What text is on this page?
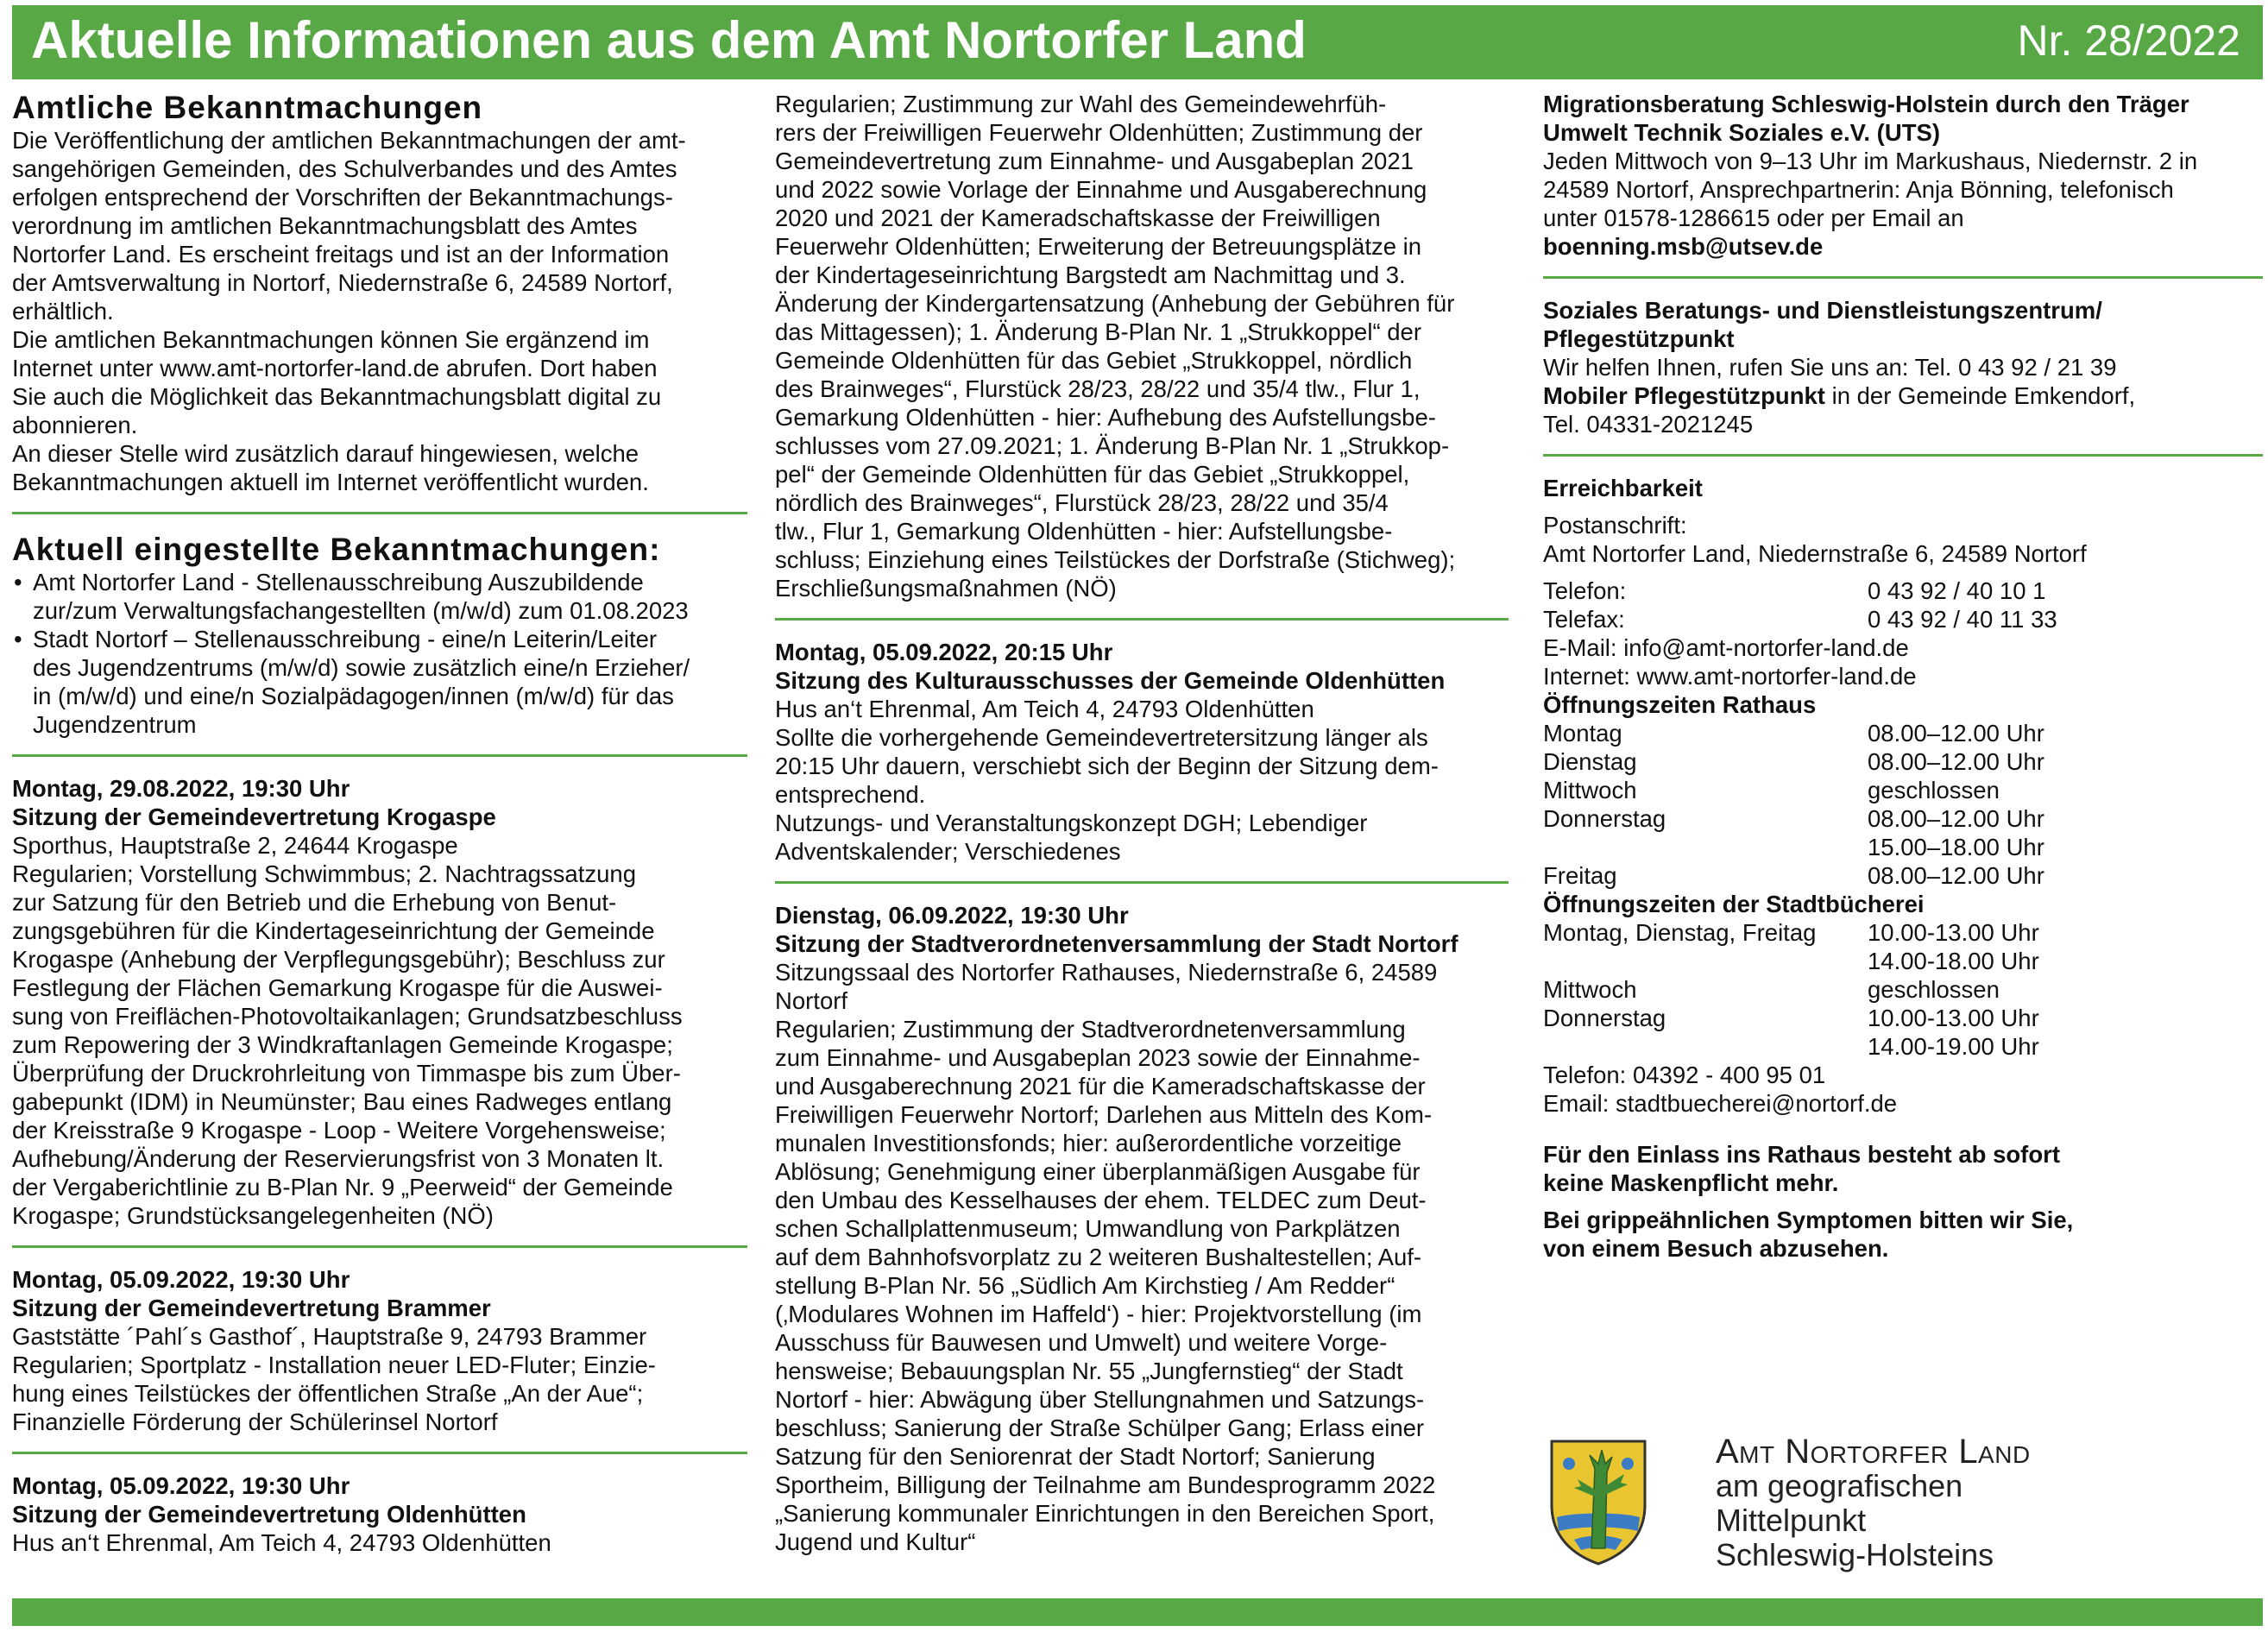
Aktuelle Informationen aus dem Amt Nortorfer Land	Nr. 28/2022
Amtliche Bekanntmachungen
Die Veröffentlichung der amtlichen Bekanntmachungen der amt-
sangehörigen Gemeinden, des Schulverbandes und des Amtes
erfolgen entsprechend der Vorschriften der Bekanntmachungs-
verordnung im amtlichen Bekanntmachungsblatt des Amtes
Nortorfer Land. Es erscheint freitags und ist an der Information
der Amtsverwaltung in Nortorf, Niedernstraße 6, 24589 Nortorf,
erhältlich.
Die amtlichen Bekanntmachungen können Sie ergänzend im
Internet unter www.amt-nortorfer-land.de abrufen. Dort haben
Sie auch die Möglichkeit das Bekanntmachungsblatt digital zu
abonnieren.
An dieser Stelle wird zusätzlich darauf hingewiesen, welche
Bekanntmachungen aktuell im Internet veröffentlicht wurden.
Aktuell eingestellte Bekanntmachungen:
• Amt Nortorfer Land - Stellenausschreibung Auszubildende
zur/zum Verwaltungsfachangestellten (m/w/d) zum 01.08.2023
• Stadt Nortorf – Stellenausschreibung - eine/n Leiterin/Leiter
des Jugendzentrums (m/w/d) sowie zusätzlich eine/n Erzieher/
in (m/w/d) und eine/n Sozialpädagogen/innen (m/w/d) für das
Jugendzentrum
Montag, 29.08.2022, 19:30 Uhr
Sitzung der Gemeindevertretung Krogaspe
Sporthus, Hauptstraße 2, 24644 Krogaspe
Regularien; Vorstellung Schwimmbus; 2. Nachtragssatzung
zur Satzung für den Betrieb und die Erhebung von Benut-
zungsgebühren für die Kindertageseinrichtung der Gemeinde
Krogaspe (Anhebung der Verpflegungsgebühr); Beschluss zur
Festlegung der Flächen Gemarkung Krogaspe für die Auswei-
sung von Freiflächen-Photovoltaikanlagen; Grundsatzbeschluss
zum Repowering der 3 Windkraftanlagen Gemeinde Krogaspe;
Überprüfung der Druckrohrleitung von Timmaspe bis zum Über-
gabepunkt (IDM) in Neumünster; Bau eines Radweges entlang
der Kreisstraße 9 Krogaspe - Loop - Weitere Vorgehensweise;
Aufhebung/Änderung der Reservierungsfrist von 3 Monaten lt.
der Vergaberichtlinie zu B-Plan Nr. 9 „Peerweid“ der Gemeinde
Krogaspe; Grundstücksangelegenheiten (NÖ)
Montag, 05.09.2022, 19:30 Uhr
Sitzung der Gemeindevertretung Brammer
Gaststätte ´Pahl´s Gasthof´, Hauptstraße 9, 24793 Brammer
Regularien; Sportplatz - Installation neuer LED-Fluter; Einzie-
hung eines Teilstückes der öffentlichen Straße „An der Aue“;
Finanzielle Förderung der Schülerinsel Nortorf
Montag, 05.09.2022, 19:30 Uhr
Sitzung der Gemeindevertretung Oldenhütten
Hus an‘t Ehrenmal, Am Teich 4, 24793 Oldenhütten
Regularien; Zustimmung zur Wahl des Gemeindewehrfüh-
rers der Freiwilligen Feuerwehr Oldenhütten; Zustimmung der
Gemeindevertretung zum Einnahme- und Ausgabeplan 2021
und 2022 sowie Vorlage der Einnahme und Ausgaberechnung
2020 und 2021 der Kameradschaftskasse der Freiwilligen
Feuerwehr Oldenhütten; Erweiterung der Betreuungsplätze in
der Kindertageseinrichtung Bargstedt am Nachmittag und 3.
Änderung der Kindergartensatzung (Anhebung der Gebühren für
das Mittagessen); 1. Änderung B-Plan Nr. 1 „Strukkoppel“ der
Gemeinde Oldenhütten für das Gebiet „Strukkoppel, nördlich
des Brainweges“, Flurstück 28/23, 28/22 und 35/4 tlw., Flur 1,
Gemarkung Oldenhütten - hier: Aufhebung des Aufstellungsbe-
schlusses vom 27.09.2021; 1. Änderung B-Plan Nr. 1 „Strukkop-
pel“ der Gemeinde Oldenhütten für das Gebiet „Strukkoppel,
nördlich des Brainweges“, Flurstück 28/23, 28/22 und 35/4
tlw., Flur 1, Gemarkung Oldenhütten - hier: Aufstellungsbe-
schluss; Einziehung eines Teilstückes der Dorfstraße (Stichweg);
Erschließungsmaßnahmen (NÖ)
Montag, 05.09.2022, 20:15 Uhr
Sitzung des Kulturausschusses der Gemeinde Oldenhütten
Hus an‘t Ehrenmal, Am Teich 4, 24793 Oldenhütten
Sollte die vorhergehende Gemeindevertretersitzung länger als
20:15 Uhr dauern, verschiebt sich der Beginn der Sitzung dem-
entsprechend.
Nutzungs- und Veranstaltungskonzept DGH; Lebendiger
Adventskalender; Verschiedenes
Dienstag, 06.09.2022, 19:30 Uhr
Sitzung der Stadtverordnetenversammlung der Stadt Nortorf
Sitzungssaal des Nortorfer Rathauses, Niedernstraße 6, 24589
Nortorf
Regularien; Zustimmung der Stadtverordnetenversammlung
zum Einnahme- und Ausgabeplan 2023 sowie der Einnahme-
und Ausgaberechnung 2021 für die Kameradschaftskasse der
Freiwilligen Feuerwehr Nortorf; Darlehen aus Mitteln des Kom-
munalen Investitionsfonds; hier: außerordentliche vorzeitige
Ablösung; Genehmigung einer überplanmäßigen Ausgabe für
den Umbau des Kesselhauses der ehem. TELDEC zum Deut-
schen Schallplattenmuseum; Umwandlung von Parkplätzen
auf dem Bahnhofsvorplatz zu 2 weiteren Bushaltestellen; Auf-
stellung B-Plan Nr. 56 „Südlich Am Kirchstieg / Am Redder“
(‚Modulares Wohnen im Haffeld‘) - hier: Projektvorstellung (im
Ausschuss für Bauwesen und Umwelt) und weitere Vorge-
hensweise; Bebauungsplan Nr. 55 „Jungfernstieg“ der Stadt
Nortorf - hier: Abwägung über Stellungnahmen und Satzungs-
beschluss; Sanierung der Straße Schülper Gang; Erlass einer
Satzung für den Seniorenrat der Stadt Nortorf; Sanierung
Sportheim, Billigung der Teilnahme am Bundesprogramm 2022
„Sanierung kommunaler Einrichtungen in den Bereichen Sport,
Jugend und Kultur“
Migrationsberatung Schleswig-Holstein durch den Träger
Umwelt Technik Soziales e.V. (UTS)
Jeden Mittwoch von 9–13 Uhr im Markushaus, Niedernstr. 2 in
24589 Nortorf, Ansprechpartnerin: Anja Bönning, telefonisch
unter 01578-1286615 oder per Email an
boenning.msb@utsev.de
Soziales Beratungs- und Dienstleistungszentrum/
Pflegestützpunkt
Wir helfen Ihnen, rufen Sie uns an: Tel. 0 43 92 / 21 39
Mobiler Pflegestützpunkt in der Gemeinde Emkendorf,
Tel. 04331-2021245
Erreichbarkeit
Postanschrift:
Amt Nortorfer Land, Niedernstraße 6, 24589 Nortorf
Telefon:	0 43 92 / 40 10 1
Telefax:	0 43 92 / 40 11 33
E-Mail: info@amt-nortorfer-land.de
Internet: www.amt-nortorfer-land.de
Öffnungszeiten Rathaus
Montag	08.00–12.00 Uhr
Dienstag	08.00–12.00 Uhr
Mittwoch	geschlossen
Donnerstag	08.00–12.00 Uhr
15.00–18.00 Uhr
Freitag	08.00–12.00 Uhr
Öffnungszeiten der Stadtbücherei
Montag, Dienstag, Freitag	10.00-13.00 Uhr
14.00-18.00 Uhr
Mittwoch	geschlossen
Donnerstag	10.00-13.00 Uhr
14.00-19.00 Uhr
Telefon: 04392 - 400 95 01
Email: stadtbuecherei@nortorf.de
Für den Einlass ins Rathaus besteht ab sofort
keine Maskenpflicht mehr.
Bei grippeähnlichen Symptomen bitten wir Sie,
von einem Besuch abzusehen.
Amt Nortorfer Land
am geografischen
Mittelpunkt
Schleswig-Holsteins
